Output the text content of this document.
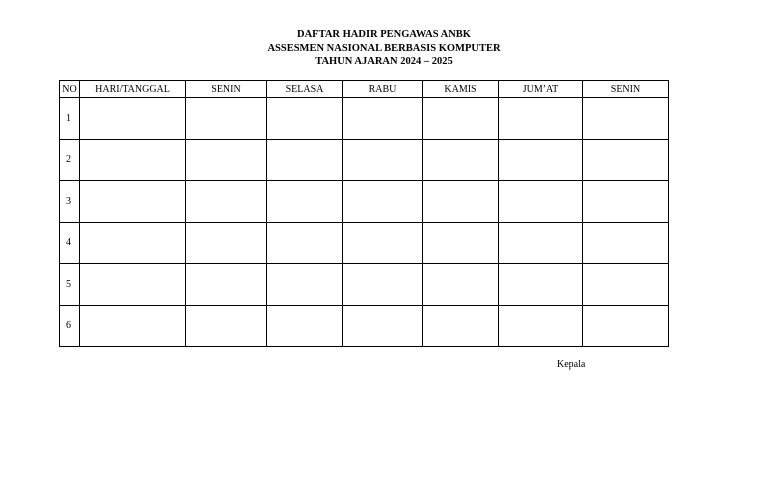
DAFTAR HADIR PENGAWAS ANBK
ASSESMEN NASIONAL BERBASIS KOMPUTER
TAHUN AJARAN 2024 – 2025
NO	HARI/TANGGAL	SENIN	SELASA	RABU	KAMIS	JUM’AT	SENIN
1							
2							
3							
4							
5							
6							
Kepala
